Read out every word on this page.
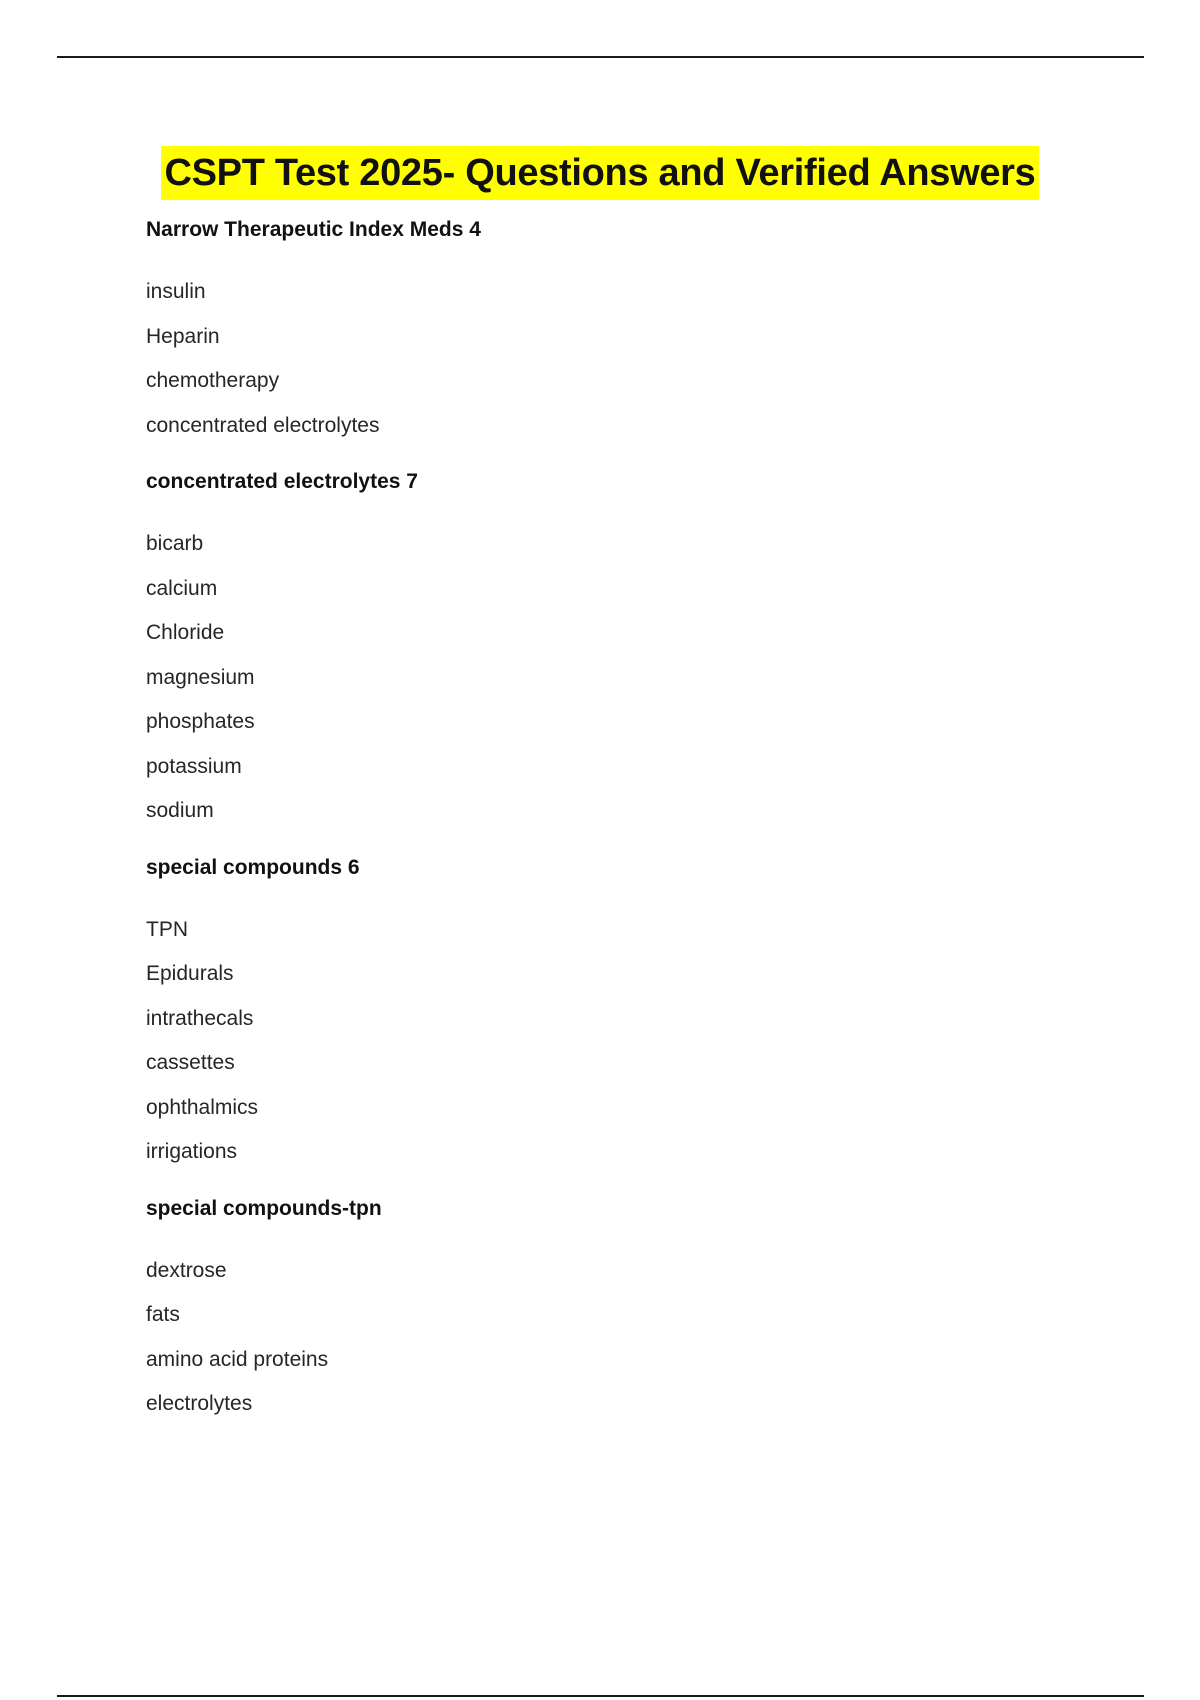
CSPT Test 2025- Questions and Verified Answers
Narrow Therapeutic Index Meds 4
insulin
Heparin
chemotherapy
concentrated electrolytes
concentrated electrolytes 7
bicarb
calcium
Chloride
magnesium
phosphates
potassium
sodium
special compounds 6
TPN
Epidurals
intrathecals
cassettes
ophthalmics
irrigations
special compounds-tpn
dextrose
fats
amino acid proteins
electrolytes
